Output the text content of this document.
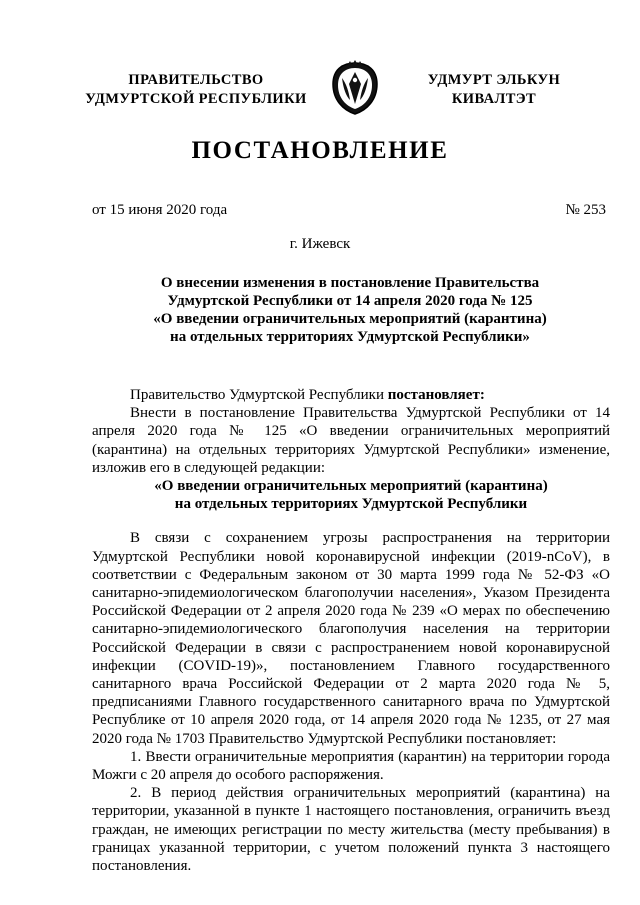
ПРАВИТЕЛЬСТВО
УДМУРТСКОЙ РЕСПУБЛИКИ
УДМУРТ ЭЛЬКУН
КИВАЛТЭТ
ПОСТАНОВЛЕНИЕ
от 15 июня 2020 года	№ 253
г. Ижевск
О внесении изменения в постановление Правительства
Удмуртской Республики от 14 апреля 2020 года № 125
«О введении ограничительных мероприятий (карантина)
на отдельных территориях Удмуртской Республики»

Правительство Удмуртской Республики постановляет:

Внести в постановление Правительства Удмуртской Республики от 14 апреля 2020 года № 125 «О введении ограничительных мероприятий (карантина) на отдельных территориях Удмуртской Республики» изменение, изложив его в следующей редакции:

«О введении ограничительных мероприятий (карантина)
на отдельных территориях Удмуртской Республики

В связи с сохранением угрозы распространения на территории Удмуртской Республики новой коронавирусной инфекции (2019-nCoV), в соответствии с Федеральным законом от 30 марта 1999 года № 52-ФЗ «О санитарно-эпидемиологическом благополучии населения», Указом Президента Российской Федерации от 2 апреля 2020 года № 239 «О мерах по обеспечению санитарно-эпидемиологического благополучия населения на территории Российской Федерации в связи с распространением новой коронавирусной инфекции (COVID-19)», постановлением Главного государственного санитарного врача Российской Федерации от 2 марта 2020 года № 5, предписаниями Главного государственного санитарного врача по Удмуртской Республике от 10 апреля 2020 года, от 14 апреля 2020 года № 1235, от 27 мая 2020 года № 1703 Правительство Удмуртской Республики постановляет:

1. Ввести ограничительные мероприятия (карантин) на территории города Можги с 20 апреля до особого распоряжения.

2. В период действия ограничительных мероприятий (карантина) на территории, указанной в пункте 1 настоящего постановления, ограничить въезд граждан, не имеющих регистрации по месту жительства (месту пребывания) в границах указанной территории, с учетом положений пункта 3 настоящего постановления.
